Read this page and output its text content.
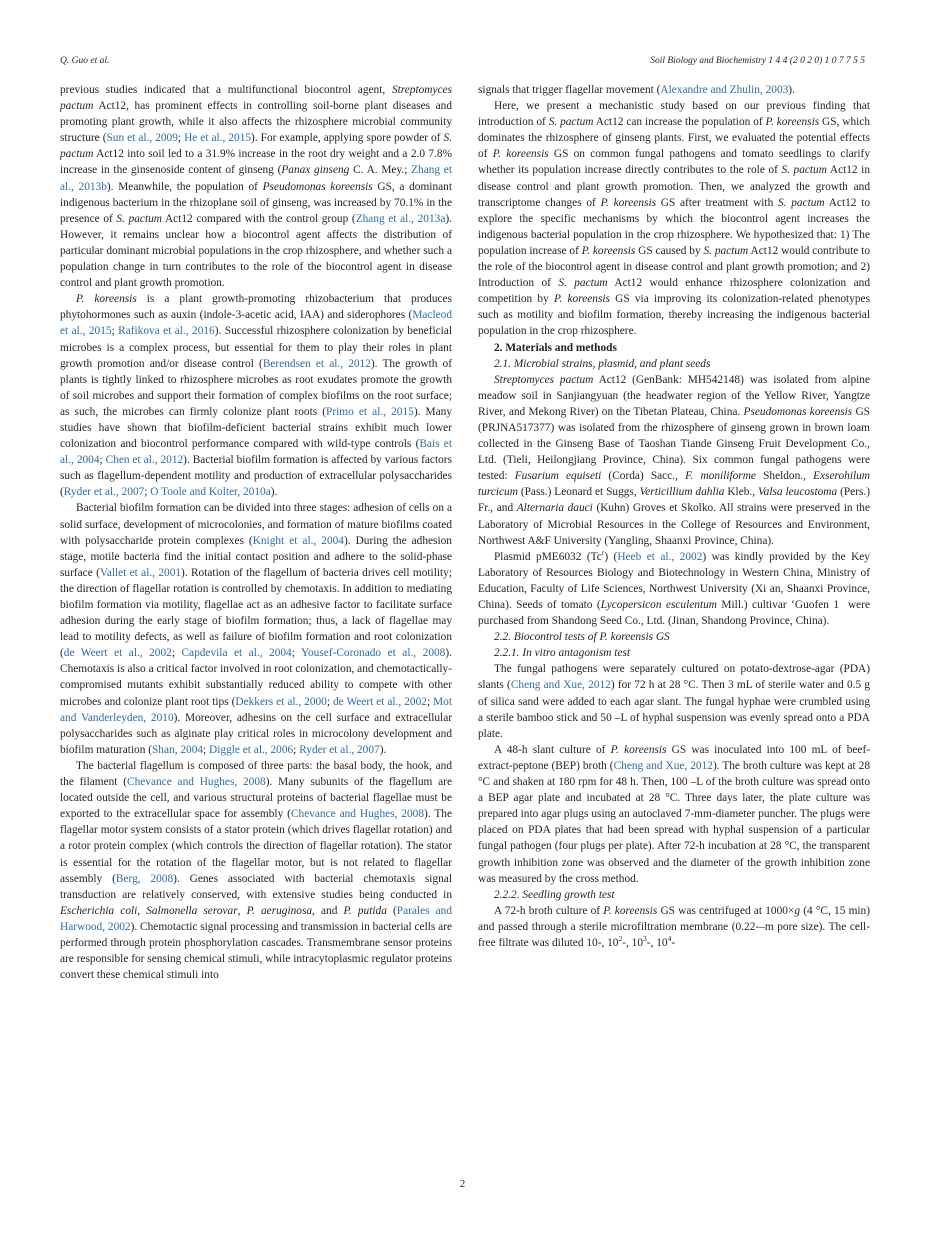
Q. Guo et al.	Soil Biology and Biochemistry 1 4 4 (2 0 2 0) 1 0 7 7 5 5

previous studies indicated that a multifunctional biocontrol agent, Streptomyces pactum Act12, has prominent effects in controlling soil-borne plant diseases and promoting plant growth, while it also affects the rhizosphere microbial community structure (Sun et al., 2009; He et al., 2015). For example, applying spore powder of S. pactum Act12 into soil led to a 31.9% increase in the root dry weight and a 2.0 7.8% increase in the ginsenoside content of ginseng (Panax ginseng C. A. Mey.; Zhang et al., 2013b). Meanwhile, the population of Pseudomonas koreensis GS, a dominant indigenous bacterium in the rhizoplane soil of ginseng, was increased by 70.1% in the presence of S. pactum Act12 compared with the control group (Zhang et al., 2013a). However, it remains unclear how a biocontrol agent affects the distribution of particular dominant microbial populations in the crop rhizosphere, and whether such a population change in turn contributes to the role of the biocontrol agent in disease control and plant growth promotion.

P. koreensis is a plant growth-promoting rhizobacterium that produces phytohormones such as auxin (indole-3-acetic acid, IAA) and siderophores (Macleod et al., 2015; Rafikova et al., 2016). Successful rhizosphere colonization by beneficial microbes is a complex process, but essential for them to play their roles in plant growth promotion and/or disease control (Berendsen et al., 2012). The growth of plants is tightly linked to rhizosphere microbes as root exudates promote the growth of soil microbes and support their formation of complex biofilms on the root surface; as such, the microbes can firmly colonize plant roots (Primo et al., 2015). Many studies have shown that biofilm-deficient bacterial strains exhibit much lower colonization and biocontrol performance compared with wild-type controls (Bais et al., 2004; Chen et al., 2012). Bacterial biofilm formation is affected by various factors such as flagellum-dependent motility and production of extracellular polysaccharides (Ryder et al., 2007; O Toole and Kolter, 2010a).

Bacterial biofilm formation can be divided into three stages: adhesion of cells on a solid surface, development of microcolonies, and formation of mature biofilms coated with polysaccharide protein complexes (Knight et al., 2004). During the adhesion stage, motile bacteria find the initial contact position and adhere to the solid-phase surface (Vallet et al., 2001). Rotation of the flagellum of bacteria drives cell motility; the direction of flagellar rotation is controlled by chemotaxis. In addition to mediating biofilm formation via motility, flagellae act as an adhesive factor to facilitate surface adhesion during the early stage of biofilm formation; thus, a lack of flagellae may lead to motility defects, as well as failure of biofilm formation and root colonization (de Weert et al., 2002; Capdevila et al., 2004; Yousef-Coronado et al., 2008). Chemotaxis is also a critical factor involved in root colonization, and chemotactically- compromised mutants exhibit substantially reduced ability to compete with other microbes and colonize plant root tips (Dekkers et al., 2000; de Weert et al., 2002; Mot and Vanderleyden, 2010). Moreover, adhesins on the cell surface and extracellular polysaccharides such as alginate play critical roles in microcolony development and biofilm maturation (Shan, 2004; Diggle et al., 2006; Ryder et al., 2007).

The bacterial flagellum is composed of three parts: the basal body, the hook, and the filament (Chevance and Hughes, 2008). Many subunits of the flagellum are located outside the cell, and various structural proteins of bacterial flagellae must be exported to the extracellular space for assembly (Chevance and Hughes, 2008). The flagellar motor system consists of a stator protein (which drives flagellar rotation) and a rotor protein complex (which controls the direction of flagellar rotation). The stator is essential for the rotation of the flagellar motor, but is not related to flagellar assembly (Berg, 2008). Genes associated with bacterial chemotaxis signal transduction are relatively conserved, with extensive studies being conducted in Escherichia coli, Salmonella serovar, P. aeruginosa, and P. putida (Parales and Harwood, 2002). Chemotactic signal processing and transmission in bacterial cells are performed through protein phosphorylation cascades. Transmembrane sensor proteins are responsible for sensing chemical stimuli, while intracytoplasmic regulator proteins convert these chemical stimuli into

signals that trigger flagellar movement (Alexandre and Zhulin, 2003).

Here, we present a mechanistic study based on our previous finding that introduction of S. pactum Act12 can increase the population of P. koreensis GS, which dominates the rhizosphere of ginseng plants. First, we evaluated the potential effects of P. koreensis GS on common fungal pathogens and tomato seedlings to clarify whether its population increase directly contributes to the role of S. pactum Act12 in disease control and plant growth promotion. Then, we analyzed the growth and transcriptome changes of P. koreensis GS after treatment with S. pactum Act12 to explore the specific mechanisms by which the biocontrol agent increases the indigenous bacterial population in the crop rhizosphere. We hypothesized that: 1) The population increase of P. koreensis GS caused by S. pactum Act12 would contribute to the role of the biocontrol agent in disease control and plant growth promotion; and 2) Introduction of S. pactum Act12 would enhance rhizosphere colonization and competition by P. koreensis GS via improving its colonization-related phenotypes such as motility and biofilm formation, thereby increasing the indigenous bacterial population in the crop rhizosphere.

2. Materials and methods

2.1. Microbial strains, plasmid, and plant seeds

Streptomyces pactum Act12 (GenBank: MH542148) was isolated from alpine meadow soil in Sanjiangyuan (the headwater region of the Yellow River, Yangtze River, and Mekong River) on the Tibetan Plateau, China. Pseudomonas koreensis GS (PRJNA517377) was isolated from the rhizosphere of ginseng grown in brown loam collected in the Ginseng Base of Taoshan Tiande Ginseng Fruit Development Co., Ltd. (Tieli, Heilongjiang Province, China). Six common fungal pathogens were tested: Fusarium equiseti (Corda) Sacc., F. moniliforme Sheldon., Exserohilum turcicum (Pass.) Leonard et Suggs, Verticillium dahlia Kleb., Valsa leucostoma (Pers.) Fr., and Alternaria dauci (Kuhn) Groves et Skolko. All strains were preserved in the Laboratory of Microbial Resources in the College of Resources and Environment, Northwest A&F University (Yangling, Shaanxi Province, China).

Plasmid pME6032 (Tc$^r$) (Heeb et al., 2002) was kindly provided by the Key Laboratory of Resources Biology and Biotechnology in Western China, Ministry of Education, Faculty of Life Sciences, Northwest University (Xi an, Shaanxi Province, China). Seeds of tomato (Lycopersicon esculentum Mill.) cultivar ‘Guofen 1  were purchased from Shandong Seed Co., Ltd. (Jinan, Shandong Province, China).

2.2. Biocontrol tests of P. koreensis GS

2.2.1. In vitro antagonism test

The fungal pathogens were separately cultured on potato-dextrose-agar (PDA) slants (Cheng and Xue, 2012) for 72 h at 28 °C. Then 3 mL of sterile water and 0.5 g of silica sand were added to each agar slant. The fungal hyphae were crumbled using a sterile bamboo stick and 50 –L of hyphal suspension was evenly spread onto a PDA plate.

A 48-h slant culture of P. koreensis GS was inoculated into 100 mL of beef-extract-peptone (BEP) broth (Cheng and Xue, 2012). The broth culture was kept at 28 °C and shaken at 180 rpm for 48 h. Then, 100 –L of the broth culture was spread onto a BEP agar plate and incubated at 28 °C. Three days later, the plate culture was prepared into agar plugs using an autoclaved 7-mm-diameter puncher. The plugs were placed on PDA plates that had been spread with hyphal suspension of a particular fungal pathogen (four plugs per plate). After 72-h incubation at 28 °C, the transparent growth inhibition zone was observed and the diameter of the growth inhibition zone was measured by the cross method.

2.2.2. Seedling growth test

A 72-h broth culture of P. koreensis GS was centrifuged at 1000×g (4 °C, 15 min) and passed through a sterile microfiltration membrane (0.22-–m pore size). The cell-free filtrate was diluted 10-, $10^2-$, $10^3-$, $10^4-$

2
